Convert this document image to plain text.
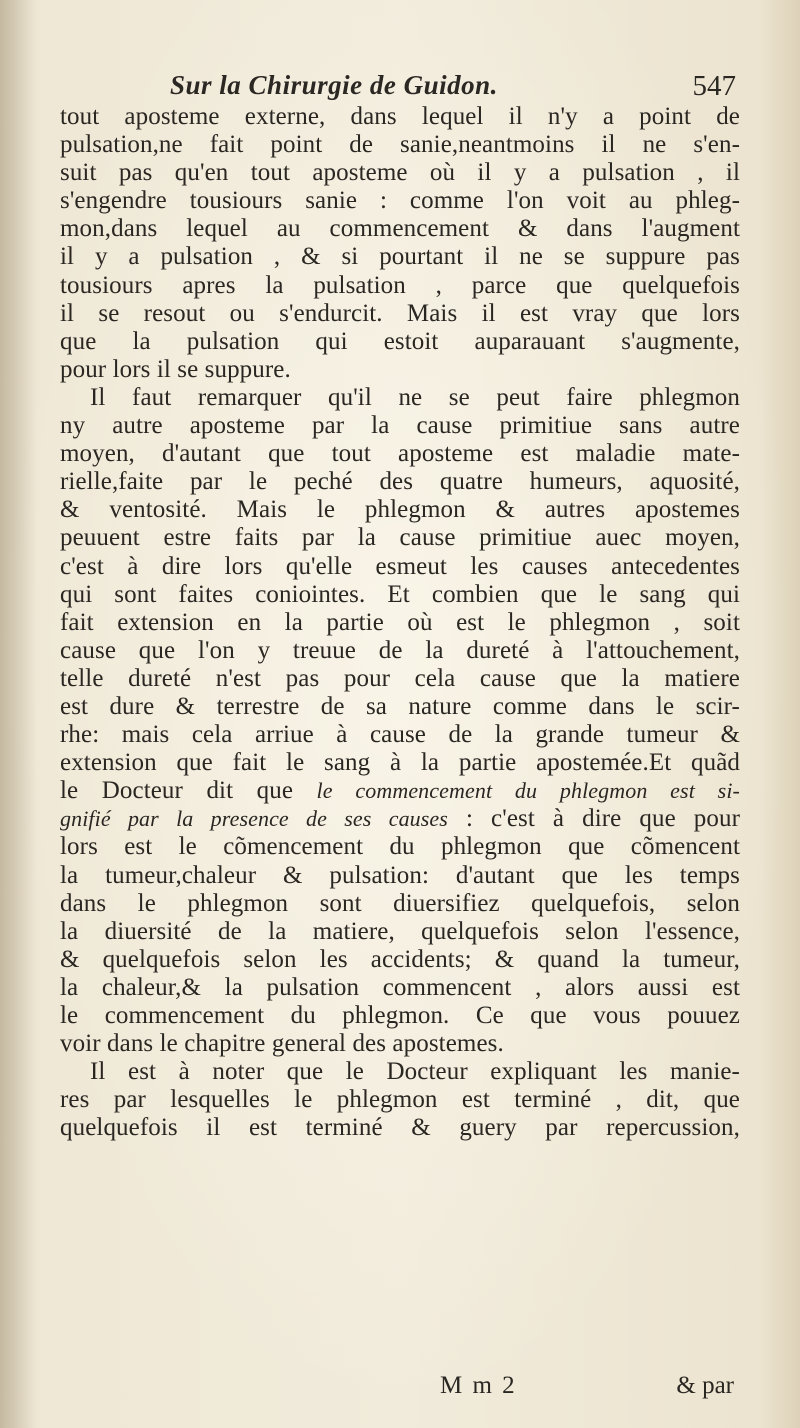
Sur la Chirurgie de Guidon.	547
tout aposteme externe, dans lequel il n'y a point de
pulsation,ne fait point de sanie,neantmoins il ne s'en-
suit pas qu'en tout aposteme où il y a pulsation , il
s'engendre tousiours sanie : comme l'on voit au phleg-
mon,dans lequel au commencement & dans l'augment
il y a pulsation , & si pourtant il ne se suppure pas
tousiours apres la pulsation , parce que quelquefois
il se resout ou s'endurcit. Mais il est vray que lors
que la pulsation qui estoit auparauant s'augmente,
pour lors il se suppure.
Il faut remarquer qu'il ne se peut faire phlegmon
ny autre aposteme par la cause primitiue sans autre
moyen, d'autant que tout aposteme est maladie mate-
rielle,faite par le peché des quatre humeurs, aquosité,
& ventosité. Mais le phlegmon & autres apostemes
peuuent estre faits par la cause primitiue auec moyen,
c'est à dire lors qu'elle esmeut les causes antecedentes
qui sont faites coniointes. Et combien que le sang qui
fait extension en la partie où est le phlegmon , soit
cause que l'on y treuue de la dureté à l'attouchement,
telle dureté n'est pas pour cela cause que la matiere
est dure & terrestre de sa nature comme dans le scir-
rhe: mais cela arriue à cause de la grande tumeur &
extension que fait le sang à la partie apostemée.Et quãd
le Docteur dit que le commencement du phlegmon est si-
gnifié par la presence de ses causes : c'est à dire que pour
lors est le cõmencement du phlegmon que cõmencent
la tumeur,chaleur & pulsation: d'autant que les temps
dans le phlegmon sont diuersifiez quelquefois, selon
la diuersité de la matiere, quelquefois selon l'essence,
& quelquefois selon les accidents; & quand la tumeur,
la chaleur,& la pulsation commencent , alors aussi est
le commencement du phlegmon. Ce que vous pouuez
voir dans le chapitre general des apostemes.
Il est à noter que le Docteur expliquant les manie-
res par lesquelles le phlegmon est terminé , dit, que
quelquefois il est terminé & guery par repercussion,
M m 2	& par
